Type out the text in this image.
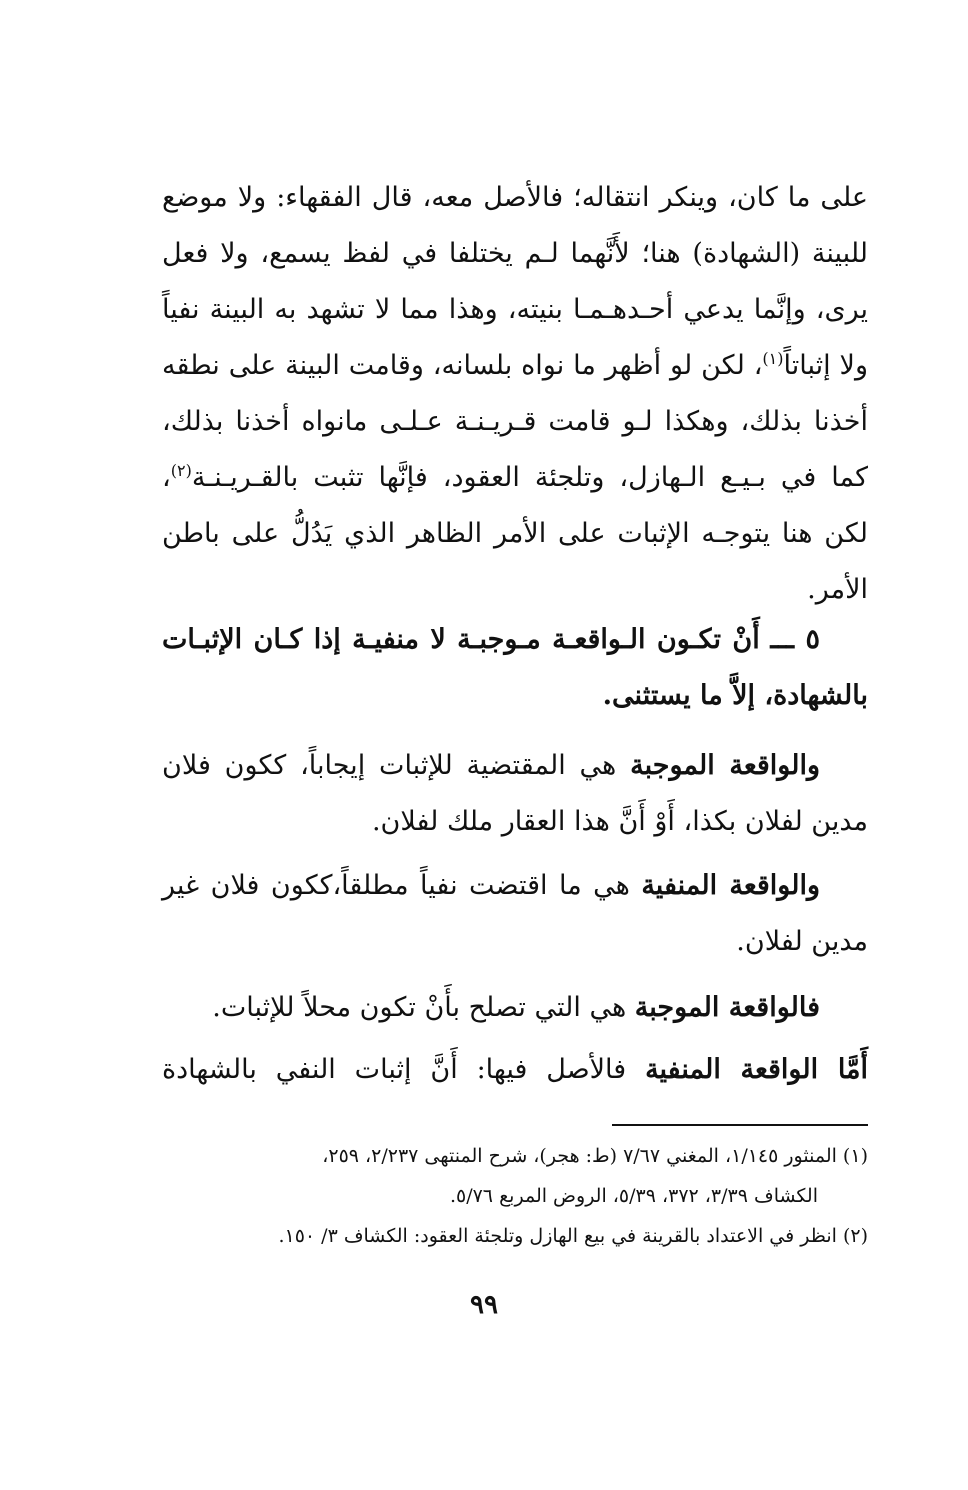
على ما كان، وينكر انتقاله؛ فالأصل معه، قال الفقهاء: ولا موضع
للبينة (الشهادة) هنا؛ لأَنَّهما لـم يختلفا في لفظ يسمع، ولا فعل
يرى، وإنَّما يدعي أحـدهـمـا بنيته، وهذا مما لا تشهد به البينة نفياً
ولا إثباتاً$^{(١)}$، لكن لو أظهر ما نواه بلسانه، وقامت البينة على نطقه
أخذنا بذلك، وهكذا لـو قامت قـريـنـة عـلـى مانواه أخذنا بذلك،
كما في بـيـع الـهازل، وتلجئة العقود، فإنَّها تثبت بالقـريـنـة$^{(٢)}$،
لكن هنا يتوجـه الإثبات على الأمر الظاهر الذي يَدُلُّ على باطن
الأمر.
٥ ـــ أَنْ تكـون الـواقعـة مـوجبـة لا منفيـة إذا كـان الإثبـات
بالشهادة، إلاَّ ما يستثنى.
والواقعة الموجبة هي المقتضية للإثبات إيجاباً، ككون فلان
مدين لفلان بكذا، أَوْ أَنَّ هذا العقار ملك لفلان.
والواقعة المنفية هي ما اقتضت نفياً مطلقاً،ككون فلان غير
مدين لفلان.
فالواقعة الموجبة هي التي تصلح بأَنْ تكون محلاً للإثبات.
أَمَّا الواقعة المنفية فالأصل فيها: أَنَّ إثبات النفي بالشهادة
(١) المنثور ١/١٤٥، المغني ٧/٦٧ (ط: هجر)، شرح المنتهى ٢/٢٣٧، ٢٥٩،
الكشاف ٣/٣٩، ٣٧٢، ٥/٣٩، الروض المربع ٥/٧٦.
(٢) انظر في الاعتداد بالقرينة في بيع الهازل وتلجئة العقود: الكشاف ٣/ ١٥٠.
٩٩
